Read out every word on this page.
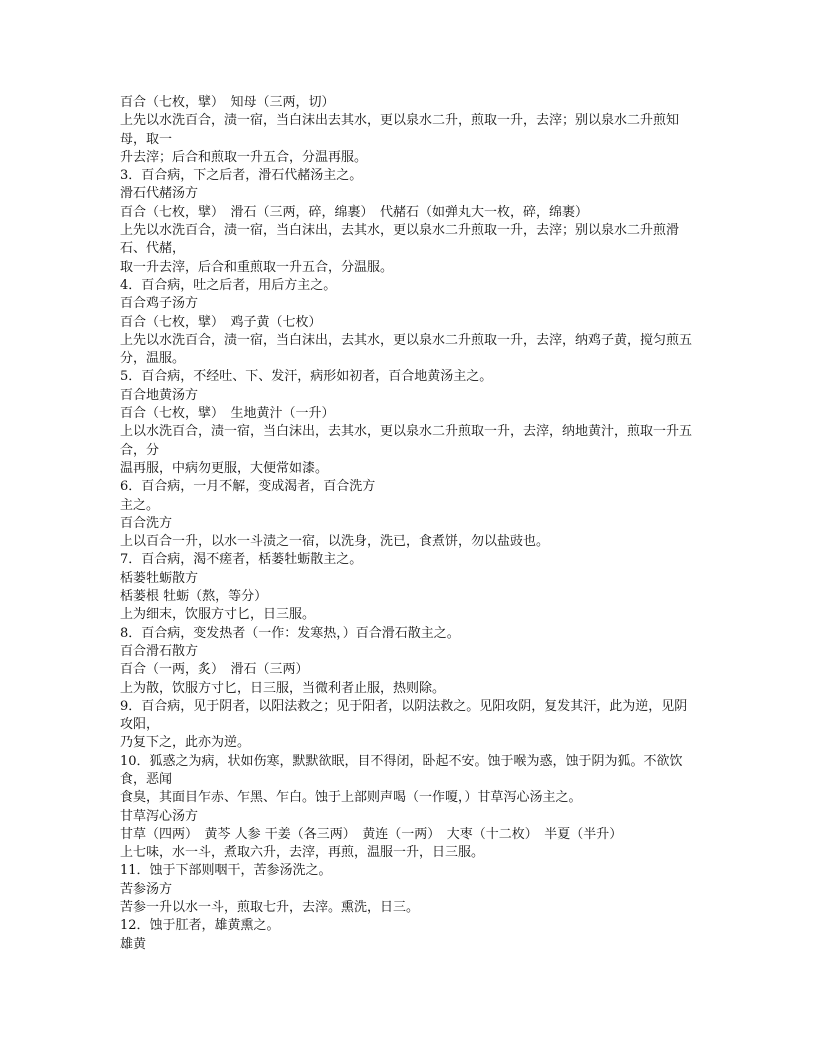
百合（七枚，擘）　知母（三两，切）
上先以水洗百合，渍一宿，当白沫出去其水，更以泉水二升，煎取一升，去滓；别以泉水二升煎知母，取一
升去滓；后合和煎取一升五合，分温再服。
3．百合病，下之后者，滑石代赭汤主之。
滑石代赭汤方
百合（七枚，擘）　滑石（三两，碎，绵裹）　代赭石（如弹丸大一枚，碎，绵裹）
上先以水洗百合，渍一宿，当白沫出，去其水，更以泉水二升煎取一升，去滓；别以泉水二升煎滑石、代赭，
取一升去滓，后合和重煎取一升五合，分温服。
4．百合病，吐之后者，用后方主之。
百合鸡子汤方
百合（七枚，擘）　鸡子黄（七枚）
上先以水洗百合，渍一宿，当白沫出，去其水，更以泉水二升煎取一升，去滓，纳鸡子黄，搅匀煎五分，温服。
5．百合病，不经吐、下、发汗，病形如初者，百合地黄汤主之。
百合地黄汤方
百合（七枚，擘）　生地黄汁（一升）
上以水洗百合，渍一宿，当白沫出，去其水，更以泉水二升煎取一升，去滓，纳地黄汁，煎取一升五合，分
温再服，中病勿更服，大便常如漆。
6．百合病，一月不解，变成渴者，百合洗方
主之。
百合洗方
上以百合一升，以水一斗渍之一宿，以洗身，洗已，食煮饼，勿以盐豉也。
7．百合病，渴不瘥者，栝蒌牡蛎散主之。
栝蒌牡蛎散方
栝蒌根 牡蛎（熬，等分）
上为细末，饮服方寸匕，日三服。
8．百合病，变发热者（一作：发寒热，）百合滑石散主之。
百合滑石散方
百合（一两，炙）　滑石（三两）
上为散，饮服方寸匕，日三服，当微利者止服，热则除。
9．百合病，见于阴者，以阳法救之；见于阳者，以阴法救之。见阳攻阴，复发其汗，此为逆，见阴攻阳，
乃复下之，此亦为逆。
10．狐惑之为病，状如伤寒，默默欲眠，目不得闭，卧起不安。蚀于喉为惑，蚀于阴为狐。不欲饮食，恶闻
食臭，其面目乍赤、乍黑、乍白。蚀于上部则声喝（一作嗄，）甘草泻心汤主之。
甘草泻心汤方
甘草（四两）　黄芩 人参 干姜（各三两）　黄连（一两）　大枣（十二枚）　半夏（半升）
上七味，水一斗，煮取六升，去滓，再煎，温服一升，日三服。
11．蚀于下部则咽干，苦参汤洗之。
苦参汤方
苦参一升以水一斗，煎取七升，去滓。熏洗，日三。
12．蚀于肛者，雄黄熏之。
雄黄
